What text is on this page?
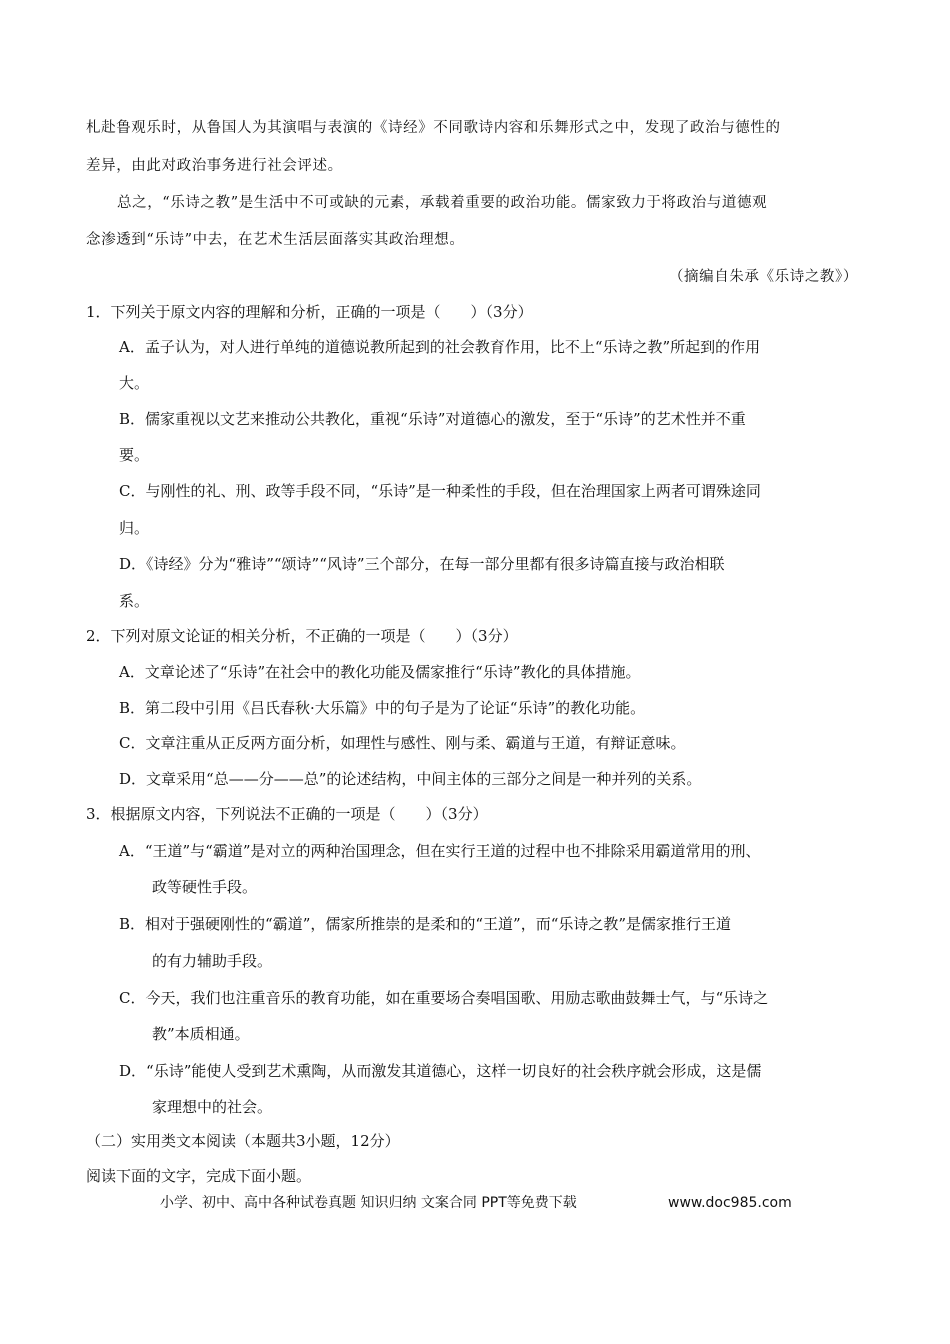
札赴鲁观乐时，从鲁国人为其演唱与表演的《诗经》不同歌诗内容和乐舞形式之中，发现了政治与德性的
差异，由此对政治事务进行社会评述。
总之，“乐诗之教”是生活中不可或缺的元素，承载着重要的政治功能。儒家致力于将政治与道德观
念渗透到“乐诗”中去，在艺术生活层面落实其政治理想。
（摘编自朱承《乐诗之教》）
1．下列关于原文内容的理解和分析，正确的一项是（　　）（3分）
A．孟子认为，对人进行单纯的道德说教所起到的社会教育作用，比不上“乐诗之教”所起到的作用
大。
B．儒家重视以文艺来推动公共教化，重视“乐诗”对道德心的激发，至于“乐诗”的艺术性并不重
要。
C．与刚性的礼、刑、政等手段不同，“乐诗”是一种柔性的手段，但在治理国家上两者可谓殊途同
归。
D．《诗经》分为“雅诗”“颂诗”“风诗”三个部分，在每一部分里都有很多诗篇直接与政治相联
系。
2．下列对原文论证的相关分析，不正确的一项是（　　）（3分）
A．文章论述了“乐诗”在社会中的教化功能及儒家推行“乐诗”教化的具体措施。
B．第二段中引用《吕氏春秋·大乐篇》中的句子是为了论证“乐诗”的教化功能。
C．文章注重从正反两方面分析，如理性与感性、刚与柔、霸道与王道，有辩证意味。
D．文章采用“总——分——总”的论述结构，中间主体的三部分之间是一种并列的关系。
3．根据原文内容，下列说法不正确的一项是（　　）（3分）
A．“王道”与“霸道”是对立的两种治国理念，但在实行王道的过程中也不排除采用霸道常用的刑、
政等硬性手段。
B．相对于强硬刚性的“霸道”，儒家所推崇的是柔和的“王道”，而“乐诗之教”是儒家推行王道
的有力辅助手段。
C．今天，我们也注重音乐的教育功能，如在重要场合奏唱国歌、用励志歌曲鼓舞士气，与“乐诗之
教”本质相通。
D．“乐诗”能使人受到艺术熏陶，从而激发其道德心，这样一切良好的社会秩序就会形成，这是儒
家理想中的社会。
（二）实用类文本阅读（本题共3小题，12分）
阅读下面的文字，完成下面小题。
小学、初中、高中各种试卷真题 知识归纳 文案合同 PPT等免费下载	www.doc985.com
